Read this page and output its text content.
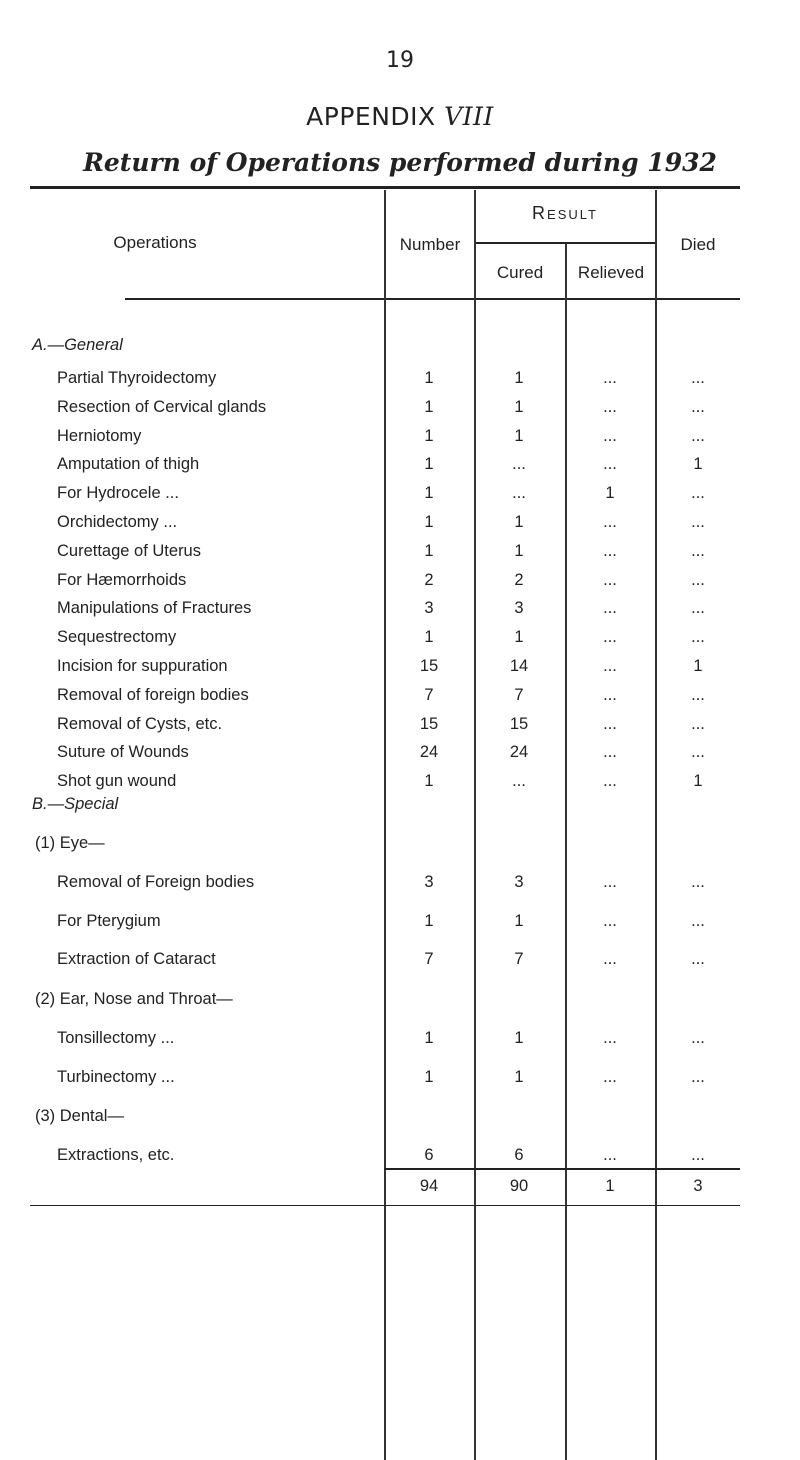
19
APPENDIX VIII
Return of Operations performed during 1932
Operations	Number
Result
Cured	Relieved
Died
A.—General
Partial Thyroidectomy	1	1	...	...
Resection of Cervical glands	1	1	...	...
Herniotomy	1	1	...	...
Amputation of thigh	1	...	...	1
For Hydrocele ...	1	...	1	...
Orchidectomy ...	1	1	...	...
Curettage of Uterus	1	1	...	...
For Hæmorrhoids	2	2	...	...
Manipulations of Fractures	3	3	...	...
Sequestrectomy	1	1	...	...
Incision for suppuration	15	14	...	1
Removal of foreign bodies	7	7	...	...
Removal of Cysts, etc.	15	15	...	...
Suture of Wounds	24	24	...	...
Shot gun wound	1	...	...	1
B.—Special
(1) Eye—
Removal of Foreign bodies	3	3	...	...
For Pterygium	1	1	...	...
Extraction of Cataract	7	7	...	...
(2) Ear, Nose and Throat—
Tonsillectomy ...	1	1	...	...
Turbinectomy ...	1	1	...	...
(3) Dental—
Extractions, etc.	6	6	...	...
94	90	1	3
